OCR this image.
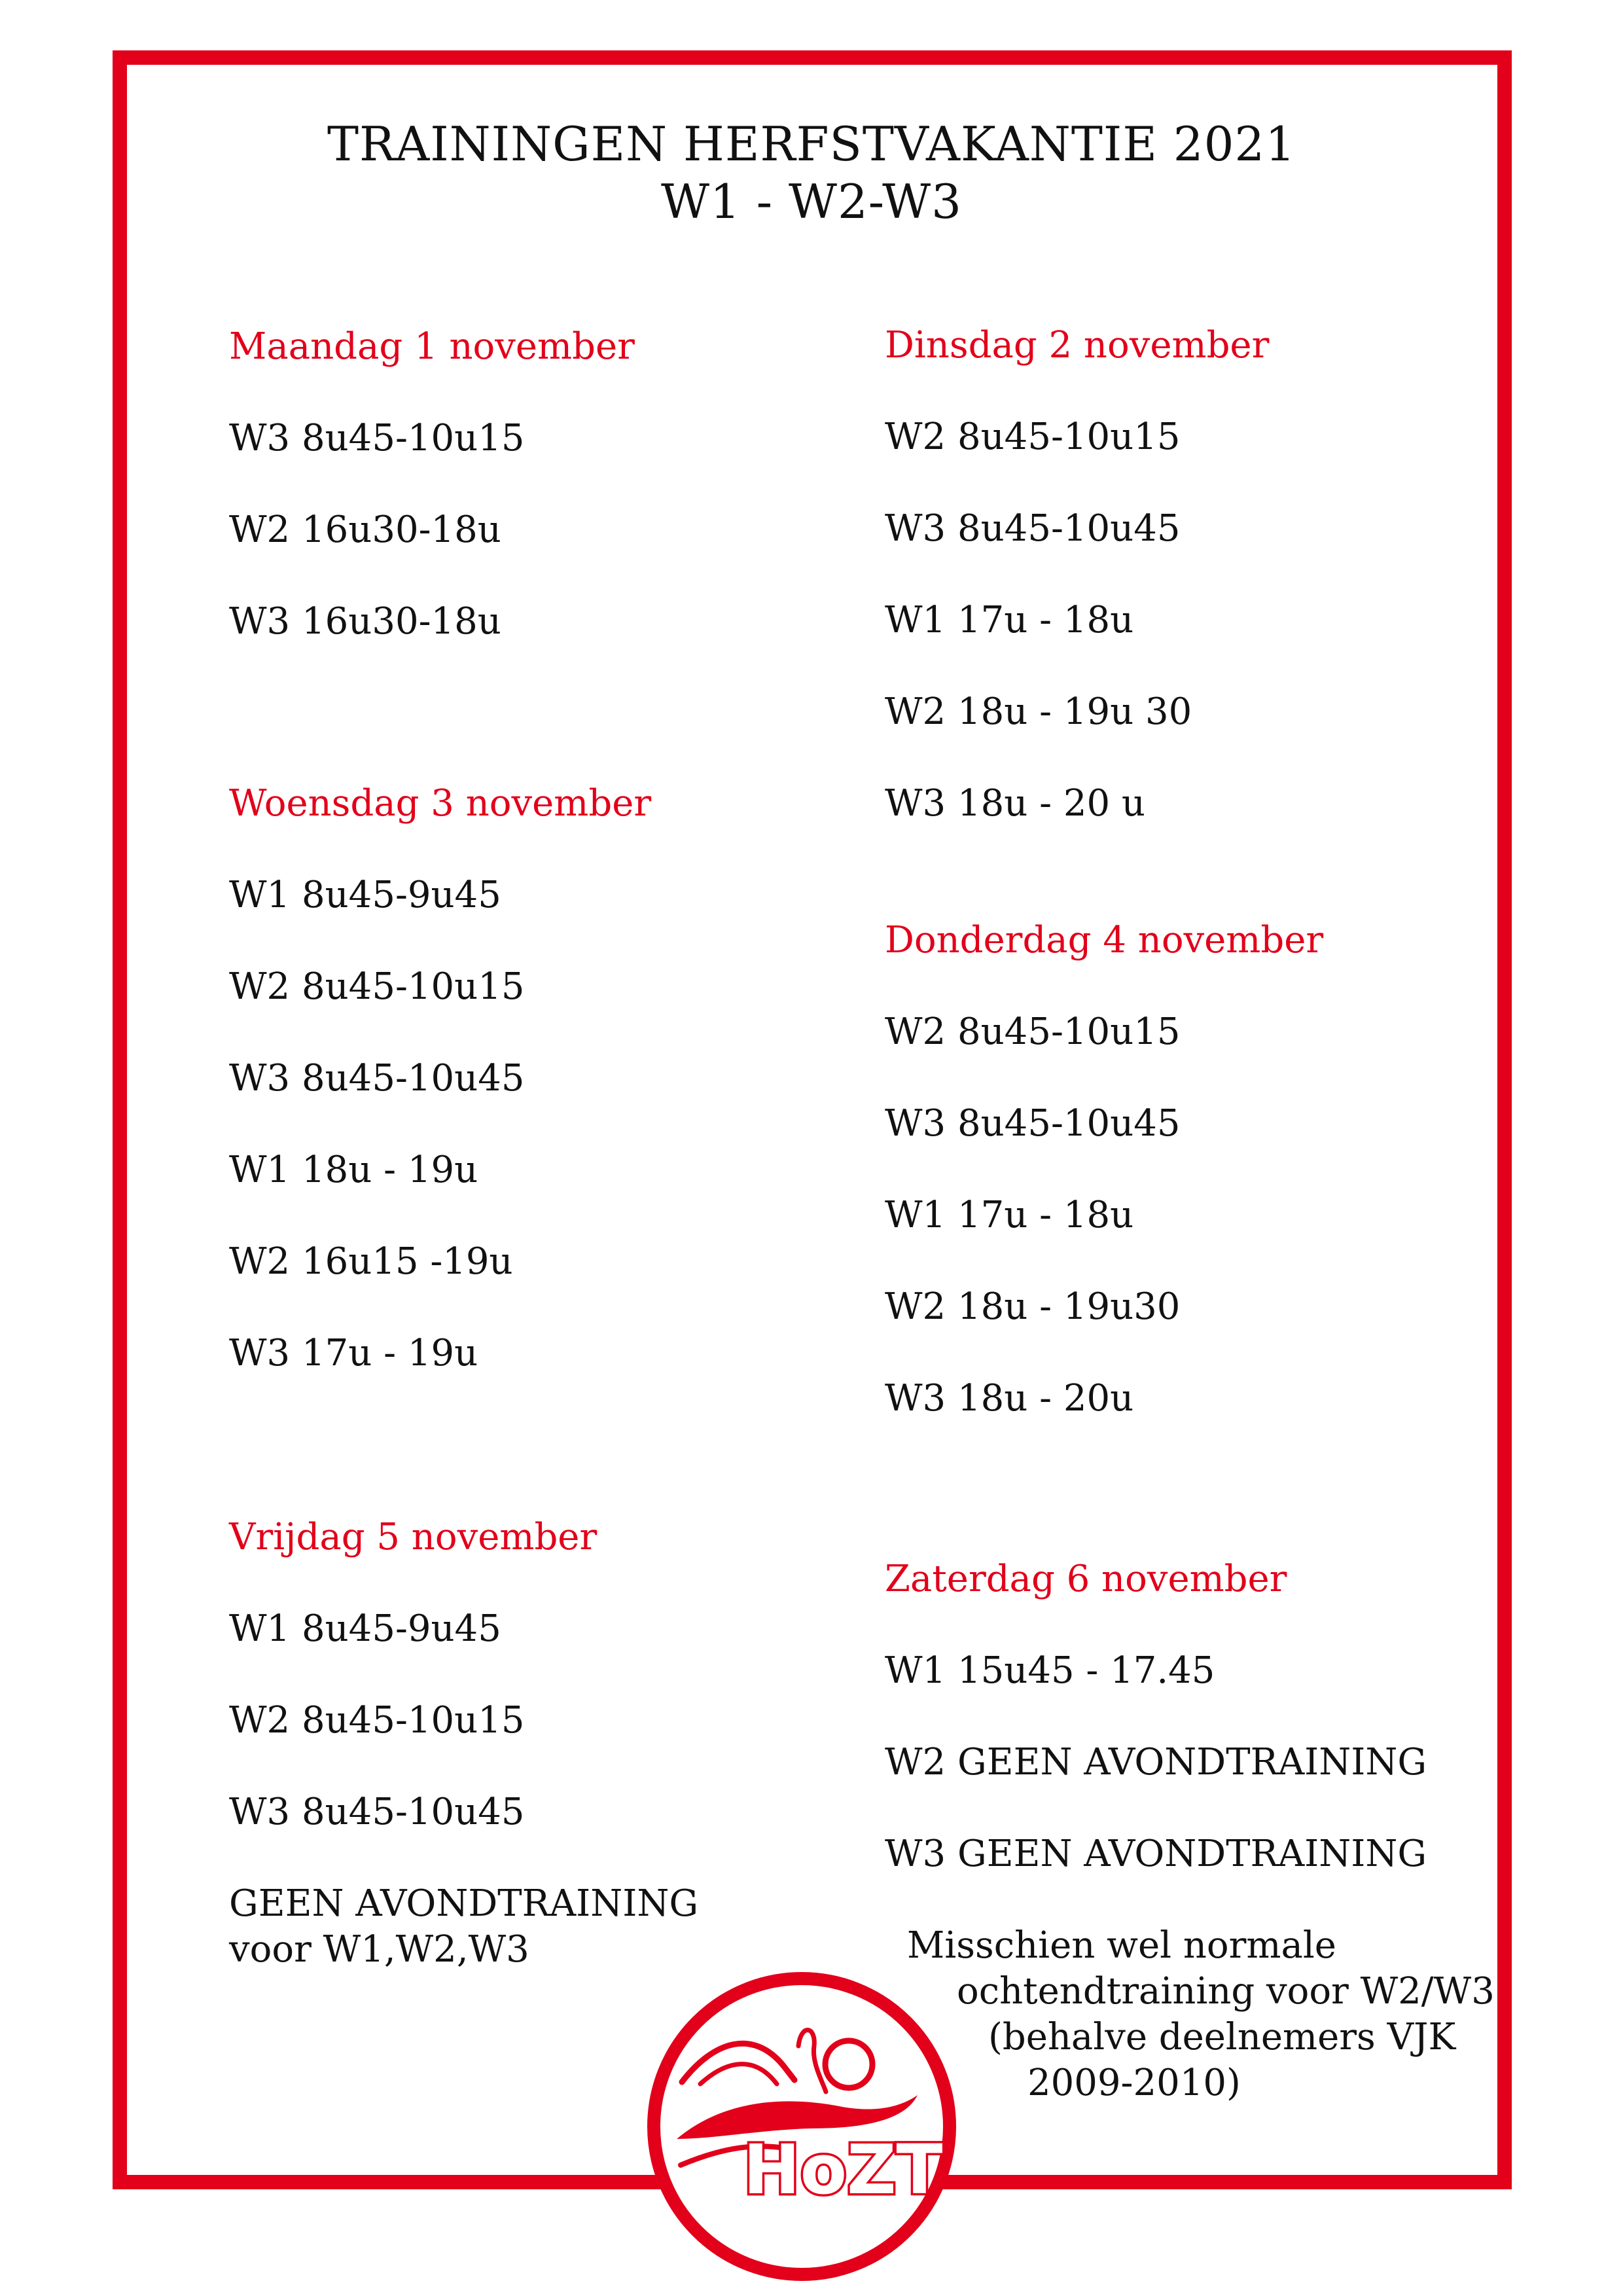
TRAININGEN HERFSTVAKANTIE 2021
W1 - W2-W3
Maandag 1 november
W3 8u45-10u15
W2 16u30-18u
W3 16u30-18u
Dinsdag 2 november
W2 8u45-10u15
W3 8u45-10u45
W1 17u - 18u
W2 18u - 19u 30
W3 18u - 20 u
Woensdag 3 november
W1 8u45-9u45
W2 8u45-10u15
W3 8u45-10u45
W1 18u - 19u
W2 16u15 -19u
W3 17u - 19u
Donderdag 4 november
W2 8u45-10u15
W3 8u45-10u45
W1 17u - 18u
W2 18u - 19u30
W3 18u - 20u
Vrijdag 5 november
W1 8u45-9u45
W2 8u45-10u15
W3 8u45-10u45
GEEN AVONDTRAINING
voor W1,W2,W3
Zaterdag 6 november
W1 15u45 - 17.45
W2 GEEN AVONDTRAINING
W3 GEEN AVONDTRAINING
Misschien wel normale
ochtendtraining voor W2/W3
(behalve deelnemers VJK
2009-2010)
HoZT
